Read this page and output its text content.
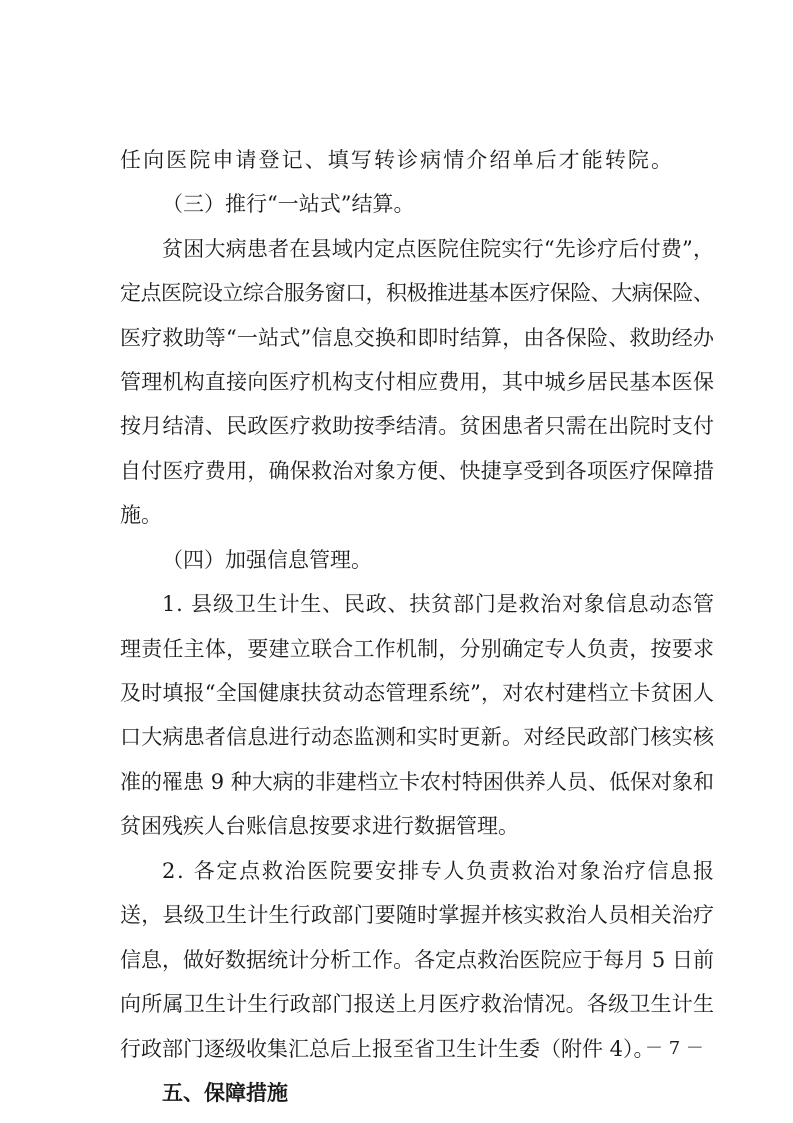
任向医院申请登记、填写转诊病情介绍单后才能转院。
（三）推行“一站式”结算。
贫困大病患者在县域内定点医院住院实行“先诊疗后付费”，
定点医院设立综合服务窗口，积极推进基本医疗保险、大病保险、
医疗救助等“一站式”信息交换和即时结算，由各保险、救助经办
管理机构直接向医疗机构支付相应费用，其中城乡居民基本医保
按月结清、民政医疗救助按季结清。贫困患者只需在出院时支付
自付医疗费用，确保救治对象方便、快捷享受到各项医疗保障措
施。
（四）加强信息管理。
1. 县级卫生计生、民政、扶贫部门是救治对象信息动态管
理责任主体，要建立联合工作机制，分别确定专人负责，按要求
及时填报“全国健康扶贫动态管理系统”，对农村建档立卡贫困人
口大病患者信息进行动态监测和实时更新。对经民政部门核实核
准的罹患 9 种大病的非建档立卡农村特困供养人员、低保对象和
贫困残疾人台账信息按要求进行数据管理。
2. 各定点救治医院要安排专人负责救治对象治疗信息报
送，县级卫生计生行政部门要随时掌握并核实救治人员相关治疗
信息，做好数据统计分析工作。各定点救治医院应于每月 5 日前
向所属卫生计生行政部门报送上月医疗救治情况。各级卫生计生
行政部门逐级收集汇总后上报至省卫生计生委（附件 4）。
五、保障措施
－ 7 －
